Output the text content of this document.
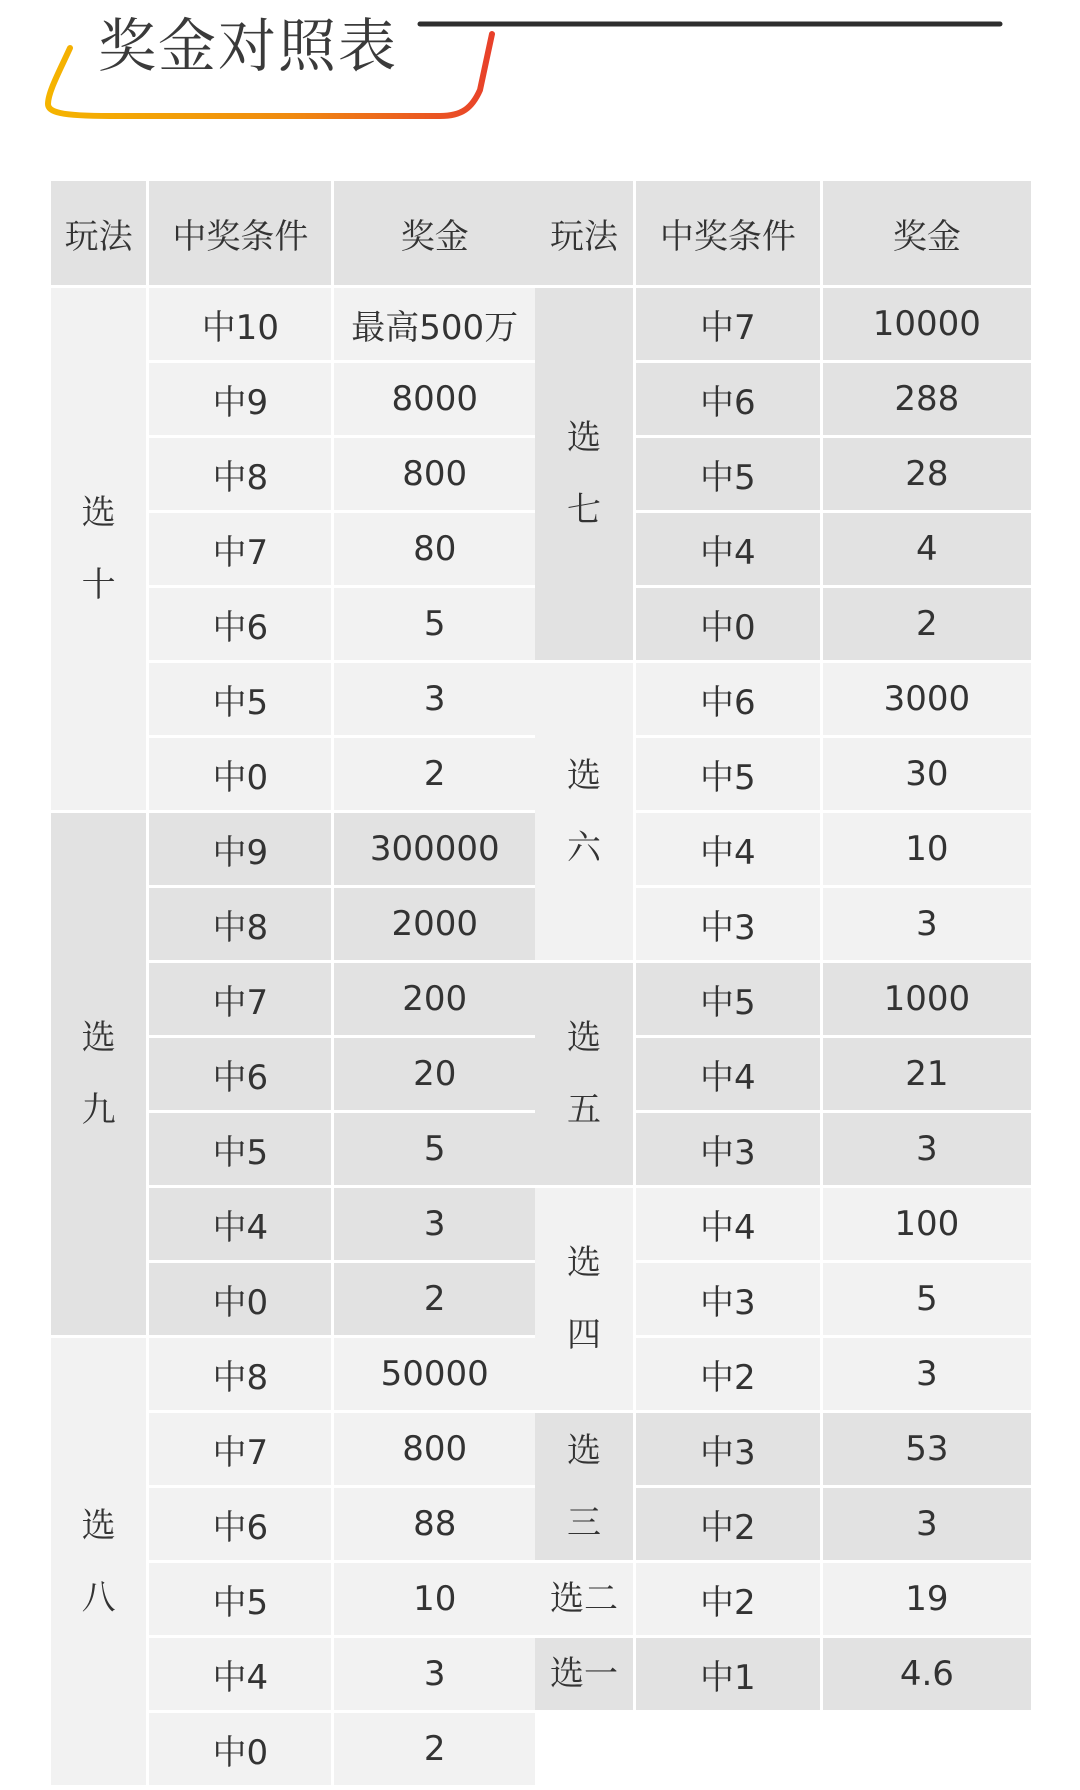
奖金对照表
玩法	中奖条件	奖金

选
十	中10	最高500万
	中9	8000
	中8	800
	中7	80
	中6	5
	中5	3
	中0	2

选
九	中9	300000
	中8	2000
	中7	200
	中6	20
	中5	5
	中4	3
	中0	2

选
八	中8	50000
	中7	800
	中6	88
	中5	10
	中4	3
	中0	2
玩法	中奖条件	奖金

选
七	中7	10000
	中6	288
	中5	28
	中4	4
	中0	2

选
六	中6	3000
	中5	30
	中4	10
	中3	3

选
五	中5	1000
	中4	21
	中3	3

选
四	中4	100
	中3	5
	中2	3

选
三	中3	53
	中2	3

选二	中2	19

选一	中1	4.6
